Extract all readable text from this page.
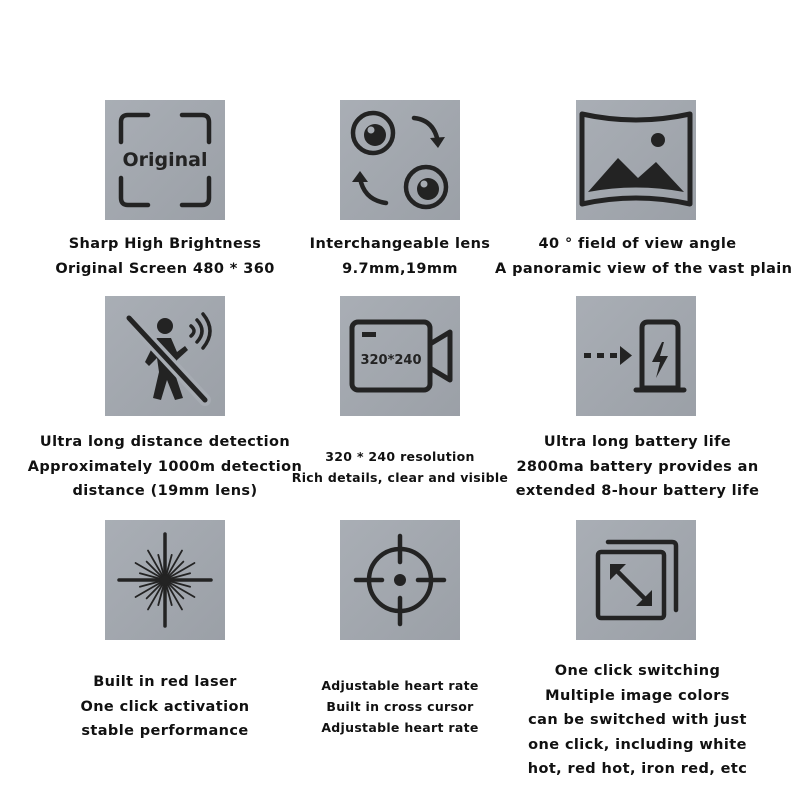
Original
Sharp High Brightness
Original Screen 480 * 360
Interchangeable lens
9.7mm,19mm
40 ° field of view angle
A panoramic view of the vast plain
320*240
Ultra long distance detection
Approximately 1000m detection
distance (19mm lens)
320 * 240 resolution
Rich details, clear and visible
Ultra long battery life
2800ma battery provides an
extended 8-hour battery life
Built in red laser
One click activation
stable performance
Adjustable heart rate
Built in cross cursor
Adjustable heart rate
One click switching
Multiple image colors
can be switched with just
one click, including white
hot, red hot, iron red, etc
